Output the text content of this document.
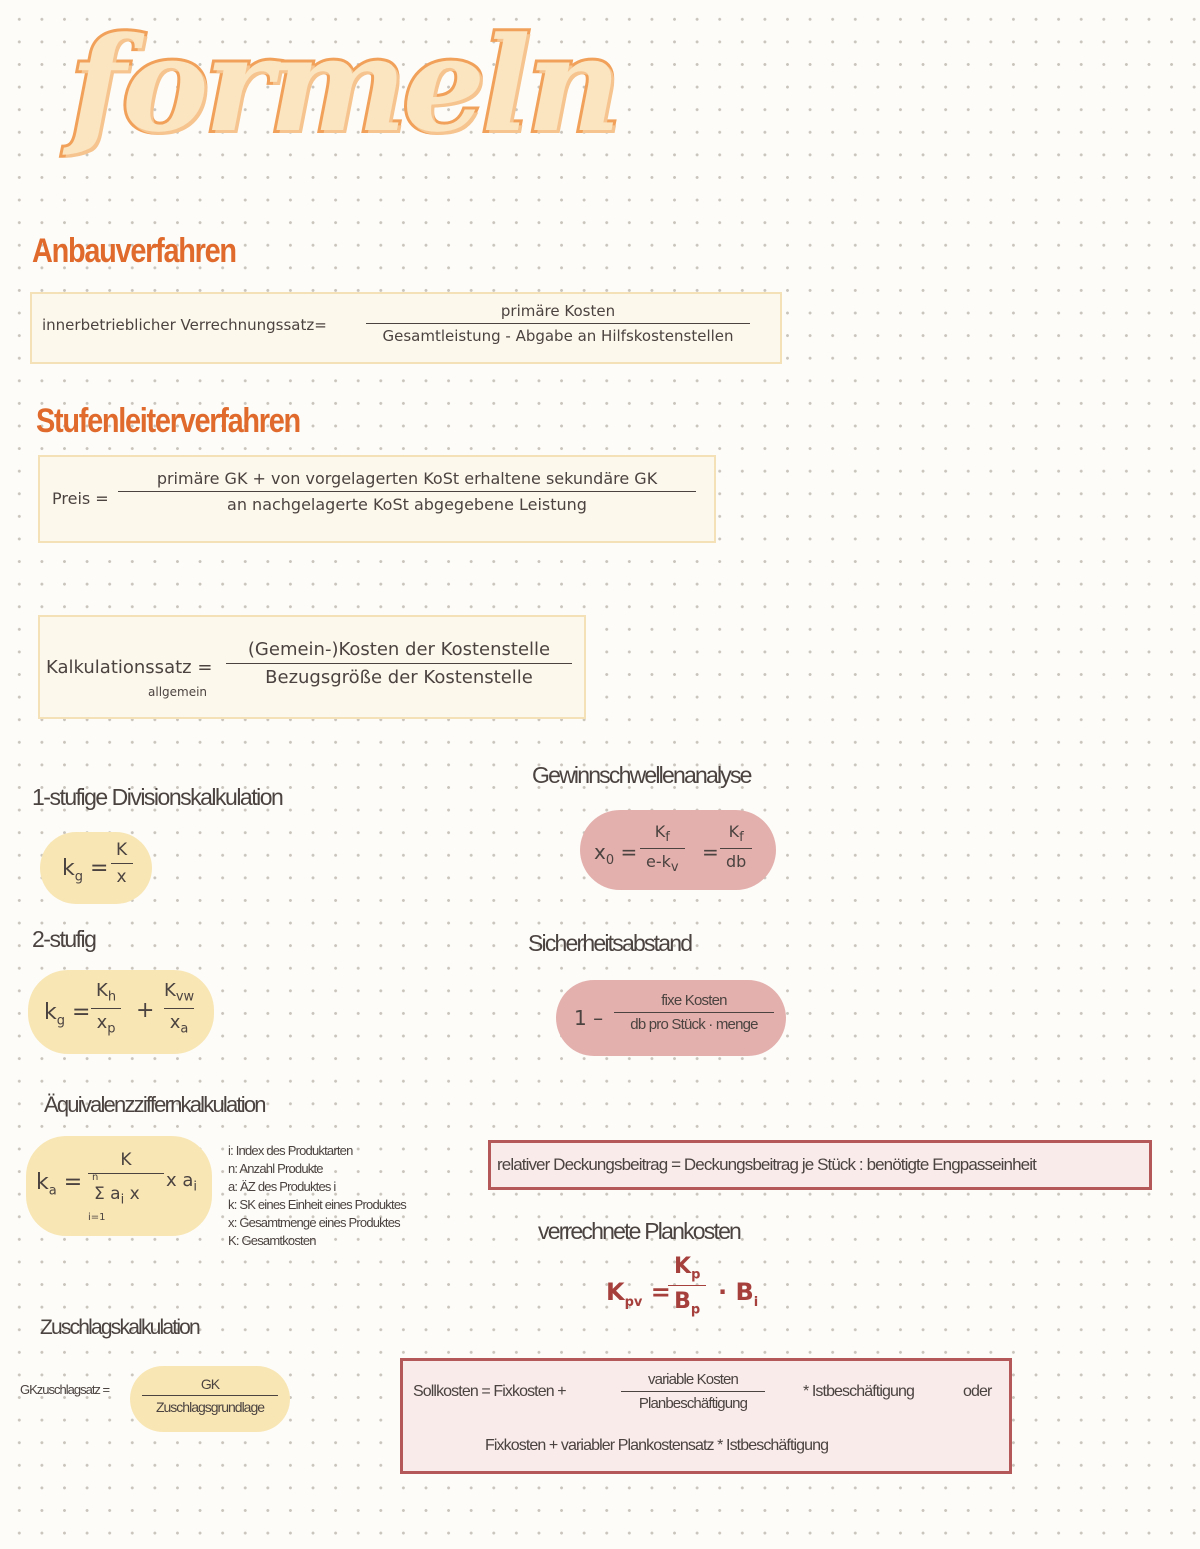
formeln
Anbauverfahren
innerbetrieblicher Verrechnungssatz=
primäre Kosten
Gesamtleistung - Abgabe an Hilfskostenstellen
Stufenleiterverfahren
Preis =
primäre GK + von vorgelagerten KoSt erhaltene sekundäre GK
an nachgelagerte KoSt abgegebene Leistung
Kalkulationssatz =
allgemein
(Gemein-)Kosten der Kostenstelle
Bezugsgröße der Kostenstelle
1-stufige Divisionskalkulation
$k_g = \frac{K}{x}$
2-stufig
$k_g = \frac{K_h}{x_p}$ +
$K_{vw}$
$x_a$
Äquivalenzziffernkalkulation
$k_a = K$
n
Σ $a_i$ x
i=1 x $a_i$
i: Index des Produktarten
n: Anzahl Produkte
a: ÄZ des Produktes i
k: SK eines Einheit eines Produktes
x: Gesamtmenge eines Produktes
K: Gesamtkosten
Zuschlagskalkulation
GKzuschlagsatz =	GK
Zuschlagsgrundlage
Gewinnschwellenanalyse
$x_0 = \frac{K_f}{e-k_v} = \frac{K_f}{db}$
Sicherheitsabstand
1 –
fixe Kosten
db pro Stück · menge
relativer Deckungsbeitrag = Deckungsbeitrag je Stück : benötigte Engpasseinheit
verrechnete Plankosten
$K_{pv}$ =
$\frac{K_p}{B_p} \cdot B_i$
Sollkosten = Fixkosten +
variable Kosten
Planbeschäftigung
* Istbeschäftigung	oder
Fixkosten + variabler Plankostensatz * Istbeschäftigung
